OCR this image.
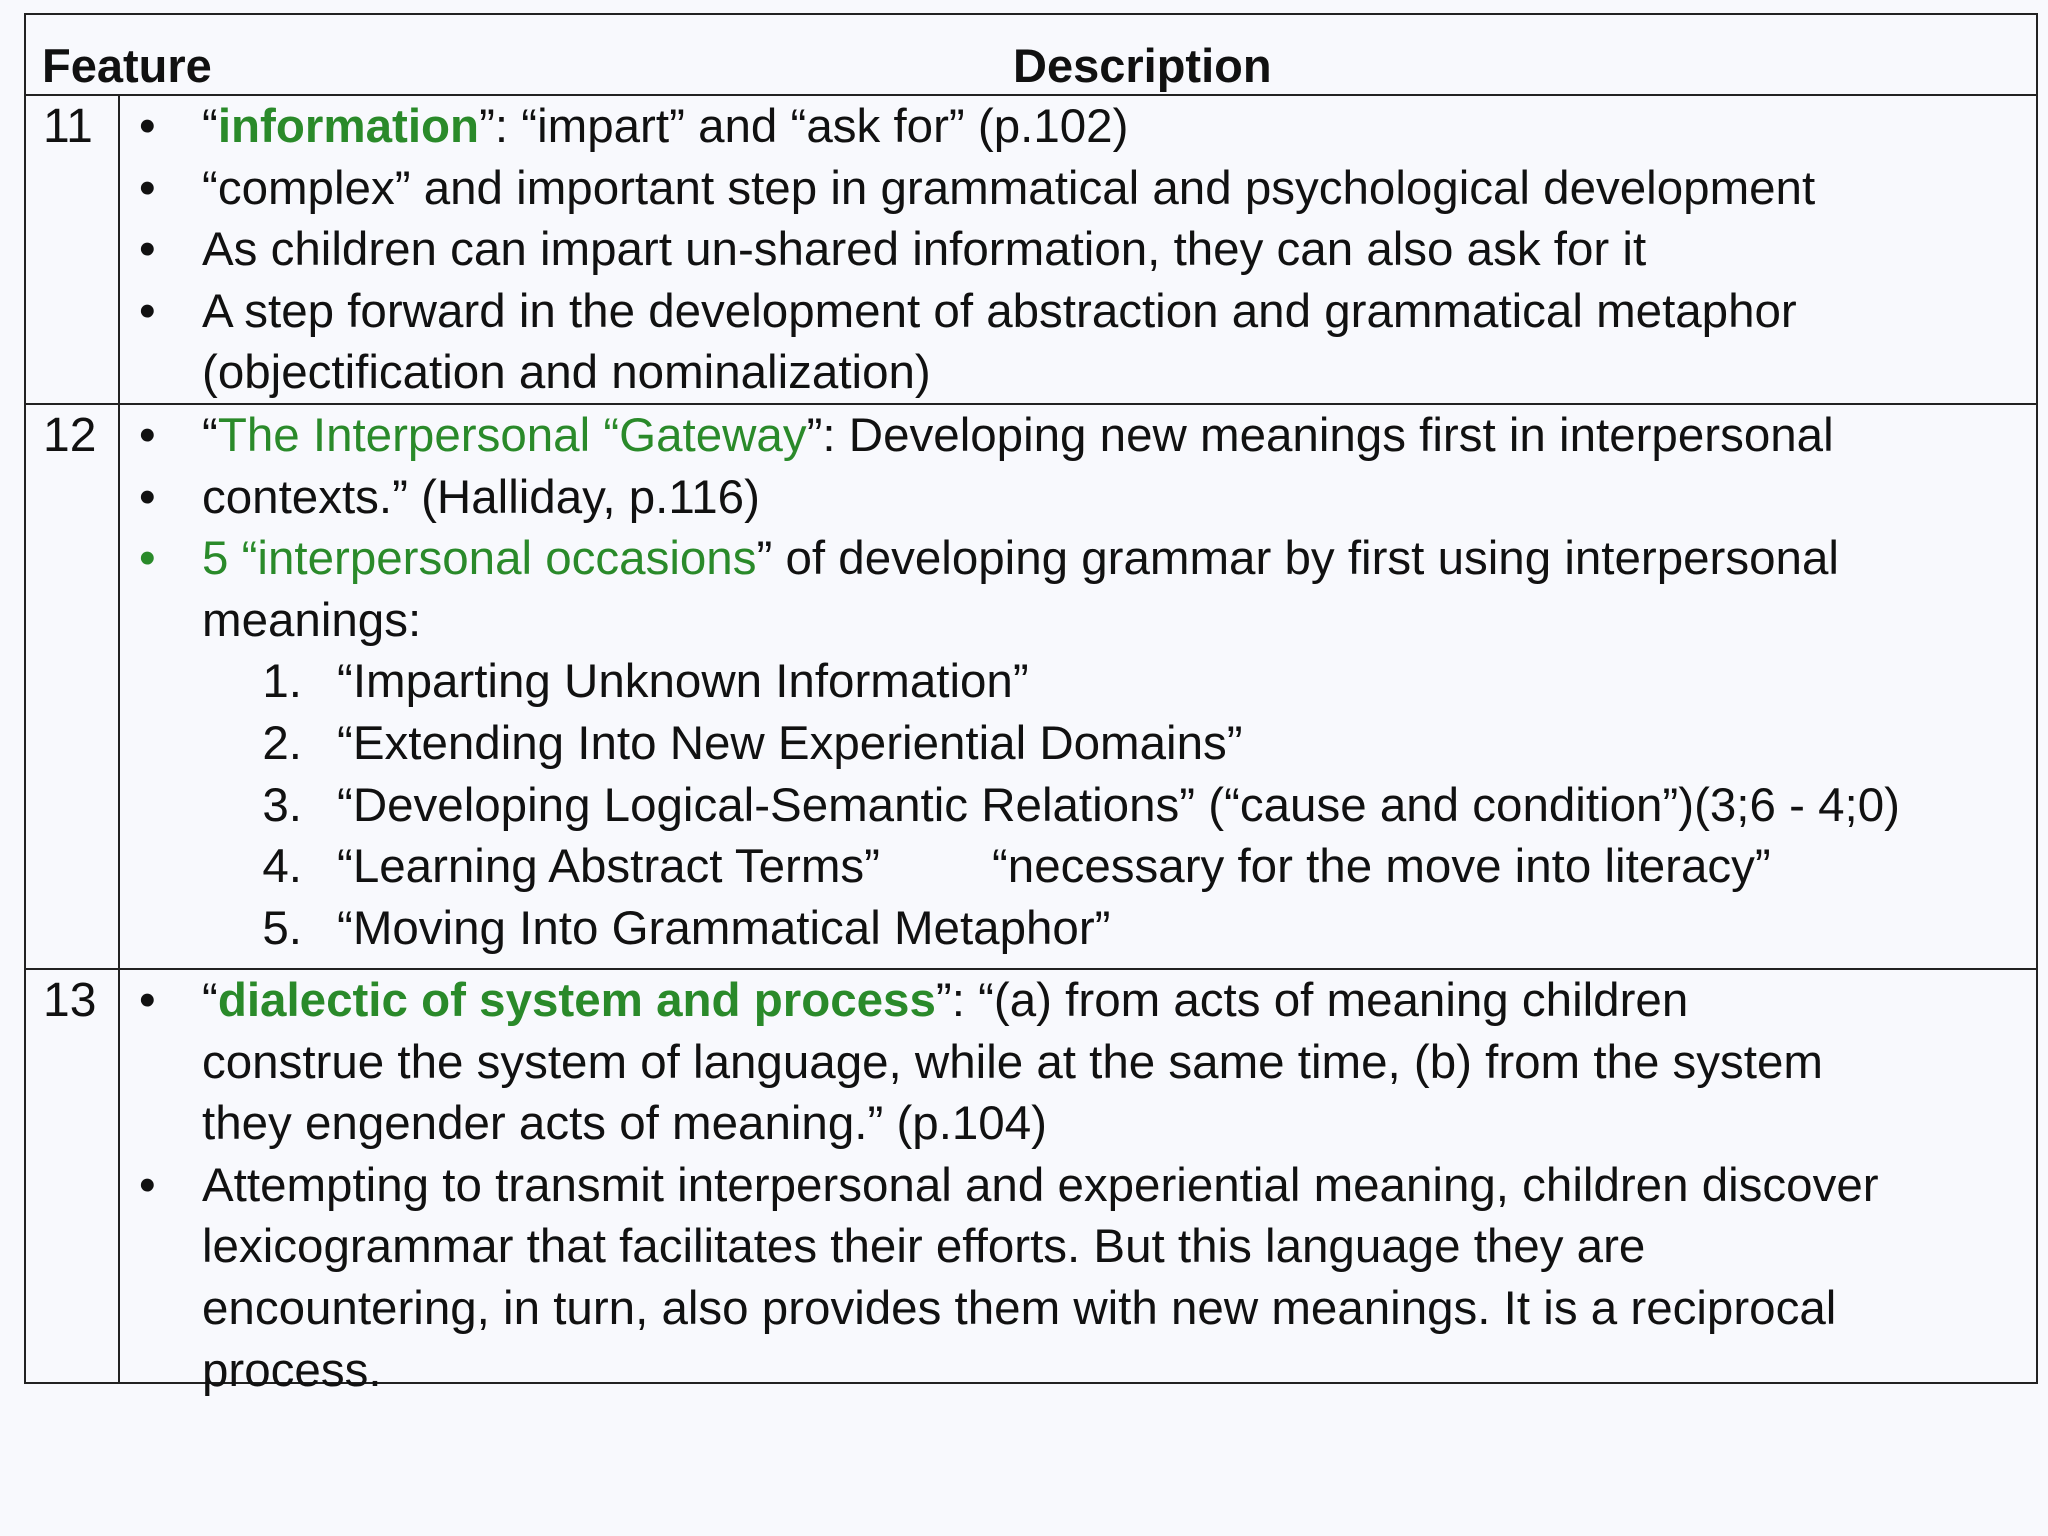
Feature	Description
11 • “information”: “impart” and “ask for” (p.102)
• “complex” and important step in grammatical and psychological development
• As children can impart un-shared information, they can also ask for it
• A step forward in the development of abstraction and grammatical metaphor
(objectification and nominalization)
12 • “The Interpersonal “Gateway”: Developing new meanings first in interpersonal
• contexts.” (Halliday, p.116)
• 5 “interpersonal occasions” of developing grammar by first using interpersonal
meanings:
1. “Imparting Unknown Information”
2. “Extending Into New Experiential Domains”
3. “Developing Logical-Semantic Relations” (“cause and condition”)(3;6 - 4;0)
4. “Learning Abstract Terms” “necessary for the move into literacy”
5. “Moving Into Grammatical Metaphor”
13 • “dialectic of system and process”: “(a) from acts of meaning children
construe the system of language, while at the same time, (b) from the system
they engender acts of meaning.” (p.104)
• Attempting to transmit interpersonal and experiential meaning, children discover
lexicogrammar that facilitates their efforts. But this language they are
encountering, in turn, also provides them with new meanings. It is a reciprocal
process.
